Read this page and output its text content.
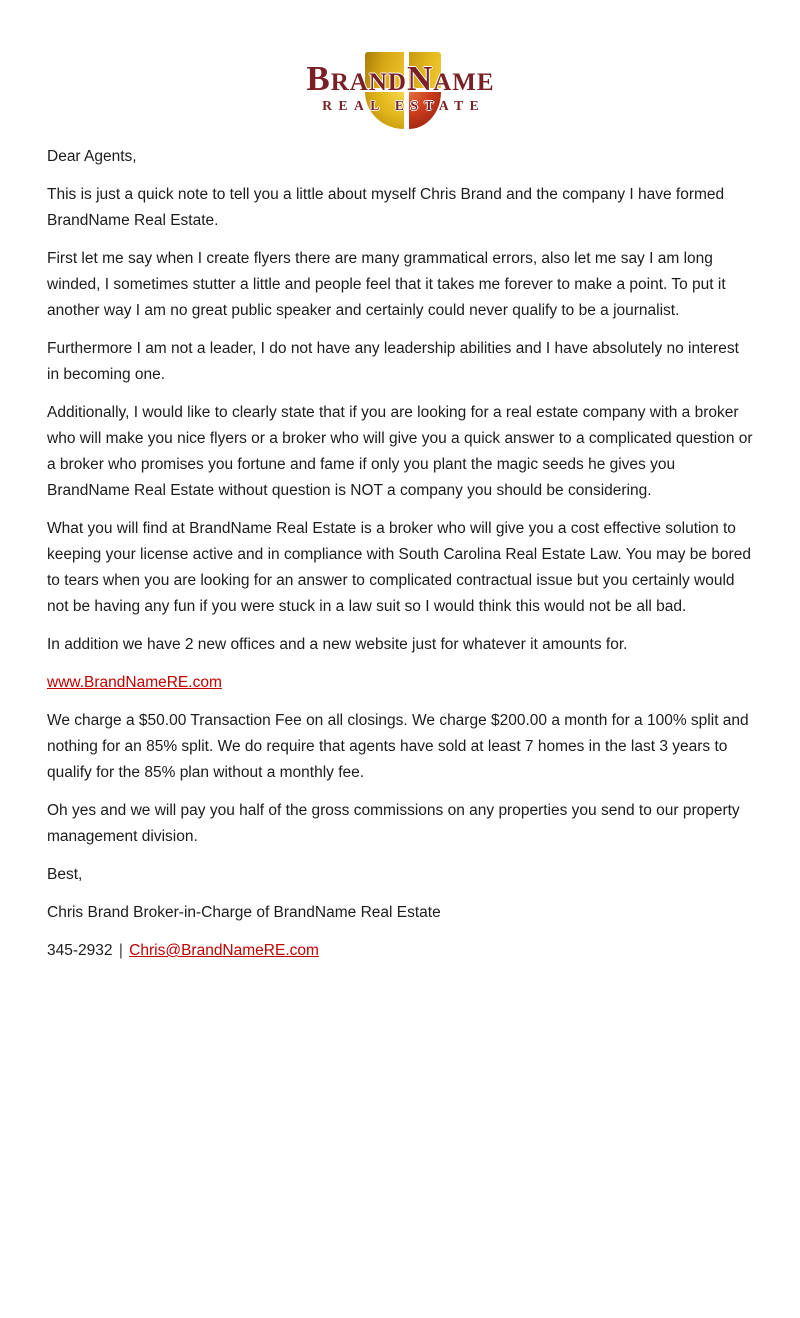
BrandName
REAL ESTATE

Dear Agents,

This is just a quick note to tell you a little about myself Chris Brand and the company I have formed BrandName Real Estate.

First let me say when I create flyers there are many grammatical errors, also let me say I am long winded, I sometimes stutter a little and people feel that it takes me forever to make a point. To put it another way I am no great public speaker and certainly could never qualify to be a journalist.

Furthermore I am not a leader, I do not have any leadership abilities and I have absolutely no interest in becoming one.

Additionally, I would like to clearly state that if you are looking for a real estate company with a broker who will make you nice flyers or a broker who will give you a quick answer to a complicated question or a broker who promises you fortune and fame if only you plant the magic seeds he gives you BrandName Real Estate without question is NOT a company you should be considering.

What you will find at BrandName Real Estate is a broker who will give you a cost effective solution to keeping your license active and in compliance with South Carolina Real Estate Law. You may be bored to tears when you are looking for an answer to complicated contractual issue but you certainly would not be having any fun if you were stuck in a law suit so I would think this would not be all bad.

In addition we have 2 new offices and a new website just for whatever it amounts for.

www.BrandNameRE.com

We charge a $50.00 Transaction Fee on all closings. We charge $200.00 a month for a 100% split and nothing for an 85% split. We do require that agents have sold at least 7 homes in the last 3 years to qualify for the 85% plan without a monthly fee.

Oh yes and we will pay you half of the gross commissions on any properties you send to our property management division.

Best,

Chris Brand Broker-in-Charge of BrandName Real Estate

345-2932 | Chris@BrandNameRE.com
